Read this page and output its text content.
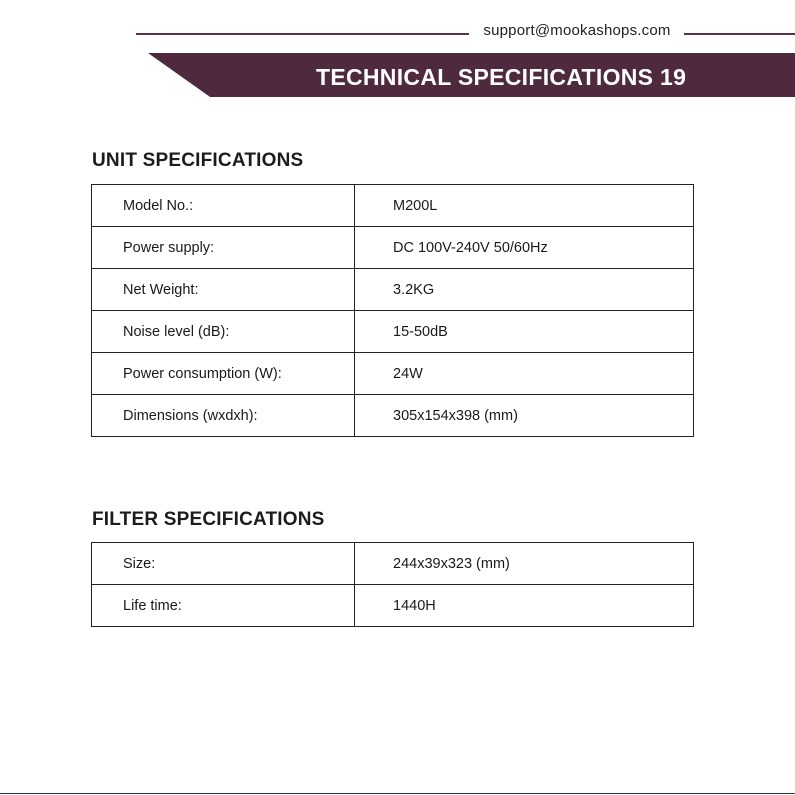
support@mookashops.com
TECHNICAL SPECIFICATIONS 19
UNIT SPECIFICATIONS
Model No.:	M200L
Power supply:	DC 100V-240V 50/60Hz
Net Weight:	3.2KG
Noise level (dB):	15-50dB
Power consumption (W):	24W
Dimensions (wxdxh):	305x154x398 (mm)
FILTER SPECIFICATIONS
Size:	244x39x323 (mm)
Life time:	1440H
